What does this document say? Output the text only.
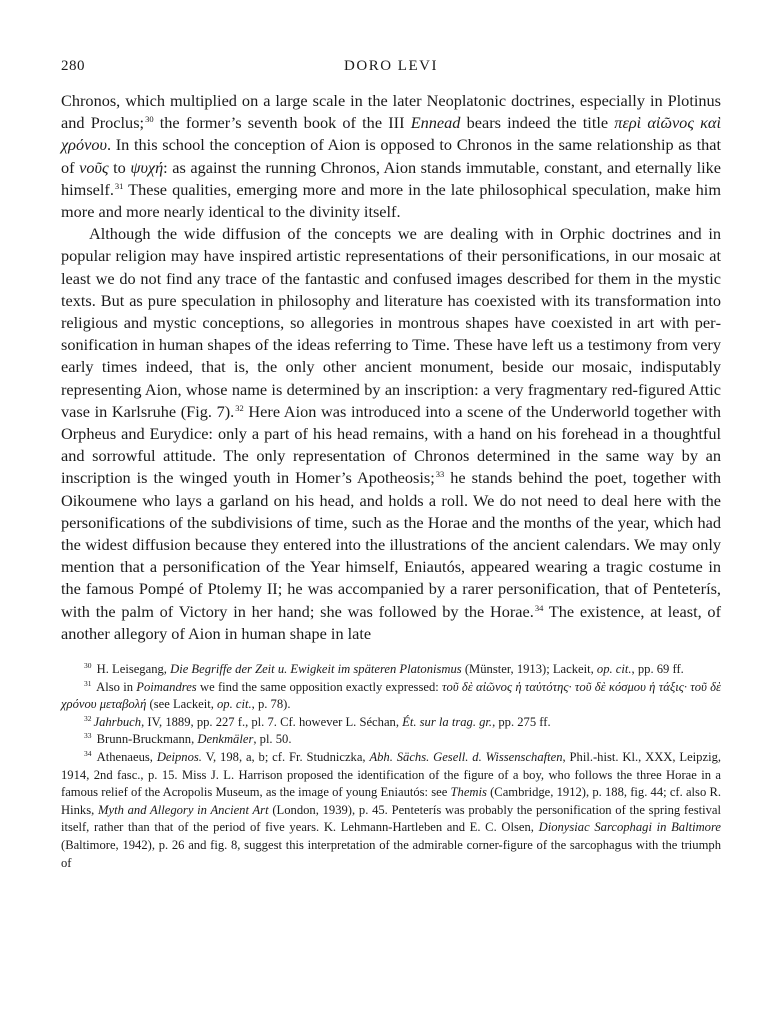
280	DORO LEVI

Chronos, which multiplied on a large scale in the later Neoplatonic doctrines, especially in Plotinus and Proclus;$^{30}$ the former’s seventh book of the III Ennead bears indeed the title περὶ αἰῶνος καὶ χρόνου. In this school the conception of Aion is opposed to Chronos in the same relationship as that of νοῦς to ψυχή: as against the running Chronos, Aion stands immutable, constant, and eternally like himself.$^{31}$ These qualities, emerging more and more in the late philosophical speculation, make him more and more nearly identical to the divinity itself.

Although the wide diffusion of the concepts we are dealing with in Orphic doctrines and in popular religion may have inspired artistic representations of their personifications, in our mosaic at least we do not find any trace of the fantastic and confused images described for them in the mystic texts. But as pure speculation in philosophy and literature has coexisted with its transformation into religious and mystic conceptions, so allegories in montrous shapes have coexisted in art with personification in human shapes of the ideas referring to Time. These have left us a testimony from very early times indeed, that is, the only other ancient monument, beside our mosaic, indisputably representing Aion, whose name is determined by an inscription: a very fragmentary red-figured Attic vase in Karlsruhe (Fig. 7).$^{32}$ Here Aion was introduced into a scene of the Underworld together with Orpheus and Eurydice: only a part of his head remains, with a hand on his forehead in a thoughtful and sorrowful attitude. The only representation of Chronos determined in the same way by an inscription is the winged youth in Homer’s Apotheosis;$^{33}$ he stands behind the poet, together with Oikoumene who lays a garland on his head, and holds a roll. We do not need to deal here with the personifications of the subdivisions of time, such as the Horae and the months of the year, which had the widest diffusion because they entered into the illustrations of the ancient calendars. We may only mention that a personification of the Year himself, Eniautós, appeared wearing a tragic costume in the famous Pompé of Ptolemy II; he was accompanied by a rarer personification, that of Penteterís, with the palm of Victory in her hand; she was followed by the Horae.$^{34}$ The existence, at least, of another allegory of Aion in human shape in late

$^{30}$ H. Leisegang, Die Begriffe der Zeit u. Ewigkeit im späteren Platonismus (Münster, 1913); Lackeit, op. cit., pp. 69 ff.

$^{31}$ Also in Poimandres we find the same opposition exactly expressed: τοῦ δὲ αἰῶνος ἡ ταὐτότης· τοῦ δὲ κόσμου ἡ τάξις· τοῦ δὲ χρόνου μεταβολή (see Lackeit, op. cit., p. 78).

$^{32}$ Jahrbuch, IV, 1889, pp. 227 f., pl. 7. Cf. however L. Séchan, Ét. sur la trag. gr., pp. 275 ff.

$^{33}$ Brunn-Bruckmann, Denkmäler, pl. 50.

$^{34}$ Athenaeus, Deipnos. V, 198, a, b; cf. Fr. Studniczka, Abh. Sächs. Gesell. d. Wissenschaften, Phil.-hist. Kl., XXX, Leipzig, 1914, 2nd fasc., p. 15. Miss J. L. Harrison proposed the identification of the figure of a boy, who follows the three Horae in a famous relief of the Acropolis Museum, as the image of young Eniautós: see Themis (Cambridge, 1912), p. 188, fig. 44; cf. also R. Hinks, Myth and Allegory in Ancient Art (London, 1939), p. 45. Penteterís was probably the personification of the spring festival itself, rather than that of the period of five years. K. Lehmann-Hartleben and E. C. Olsen, Dionysiac Sarcophagi in Baltimore (Baltimore, 1942), p. 26 and fig. 8, suggest this interpretation of the admirable corner-figure of the sarcophagus with the triumph of
